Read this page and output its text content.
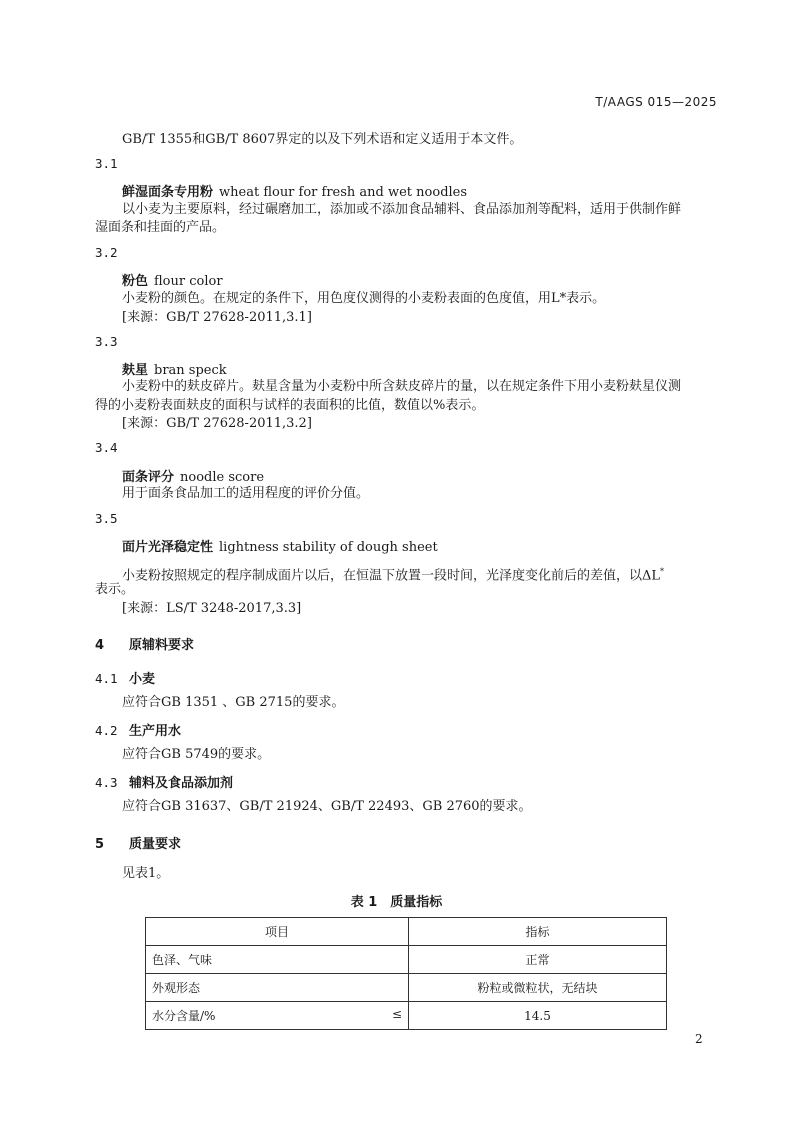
T/AAGS 015—2025
GB/T 1355和GB/T 8607界定的以及下列术语和定义适用于本文件。
3.1
鲜湿面条专用粉 wheat flour for fresh and wet noodles
以小麦为主要原料，经过碾磨加工，添加或不添加食品辅料、食品添加剂等配料，适用于供制作鲜
湿面条和挂面的产品。
3.2
粉色 flour color
小麦粉的颜色。在规定的条件下，用色度仪测得的小麦粉表面的色度值，用L*表示。
[来源：GB/T 27628-2011,3.1]
3.3
麸星 bran speck
小麦粉中的麸皮碎片。麸星含量为小麦粉中所含麸皮碎片的量，以在规定条件下用小麦粉麸星仪测
得的小麦粉表面麸皮的面积与试样的表面积的比值，数值以%表示。
[来源：GB/T 27628-2011,3.2]
3.4
面条评分 noodle score
用于面条食品加工的适用程度的评价分值。
3.5
面片光泽稳定性 lightness stability of dough sheet
小麦粉按照规定的程序制成面片以后，在恒温下放置一段时间，光泽度变化前后的差值，以ΔL*
表示。
[来源：LS/T 3248-2017,3.3]
4 原辅料要求
4.1 小麦
应符合GB 1351 、GB 2715的要求。
4.2 生产用水
应符合GB 5749的要求。
4.3 辅料及食品添加剂
应符合GB 31637、GB/T 21924、GB/T 22493、GB 2760的要求。
5 质量要求
见表1。
表 1　质量指标
项目	指标
色泽、气味	正常
外观形态	粉粒或微粒状，无结块
水分含量/% ≤	14.5
2
